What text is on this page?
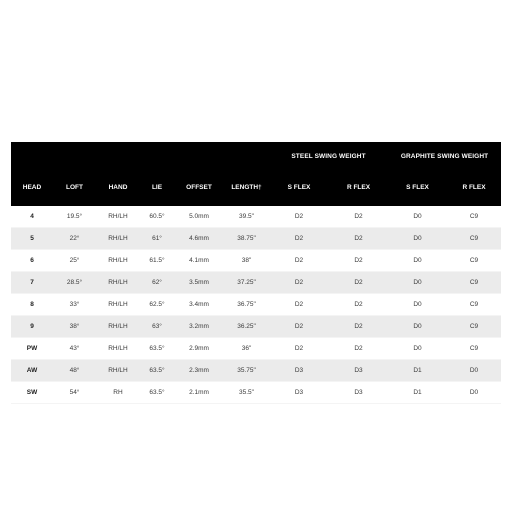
						STEEL SWING WEIGHT		GRAPHITE SWING WEIGHT	
HEAD	LOFT	HAND	LIE	OFFSET	LENGTH†	S FLEX	R FLEX	S FLEX	R FLEX
4	19.5°	RH/LH	60.5°	5.0mm	39.5"	D2	D2	D0	C9
5	22°	RH/LH	61°	4.6mm	38.75"	D2	D2	D0	C9
6	25°	RH/LH	61.5°	4.1mm	38"	D2	D2	D0	C9
7	28.5°	RH/LH	62°	3.5mm	37.25"	D2	D2	D0	C9
8	33°	RH/LH	62.5°	3.4mm	36.75"	D2	D2	D0	C9
9	38°	RH/LH	63°	3.2mm	36.25"	D2	D2	D0	C9
PW	43°	RH/LH	63.5°	2.9mm	36"	D2	D2	D0	C9
AW	48°	RH/LH	63.5°	2.3mm	35.75"	D3	D3	D1	D0
SW	54°	RH	63.5°	2.1mm	35.5"	D3	D3	D1	D0
